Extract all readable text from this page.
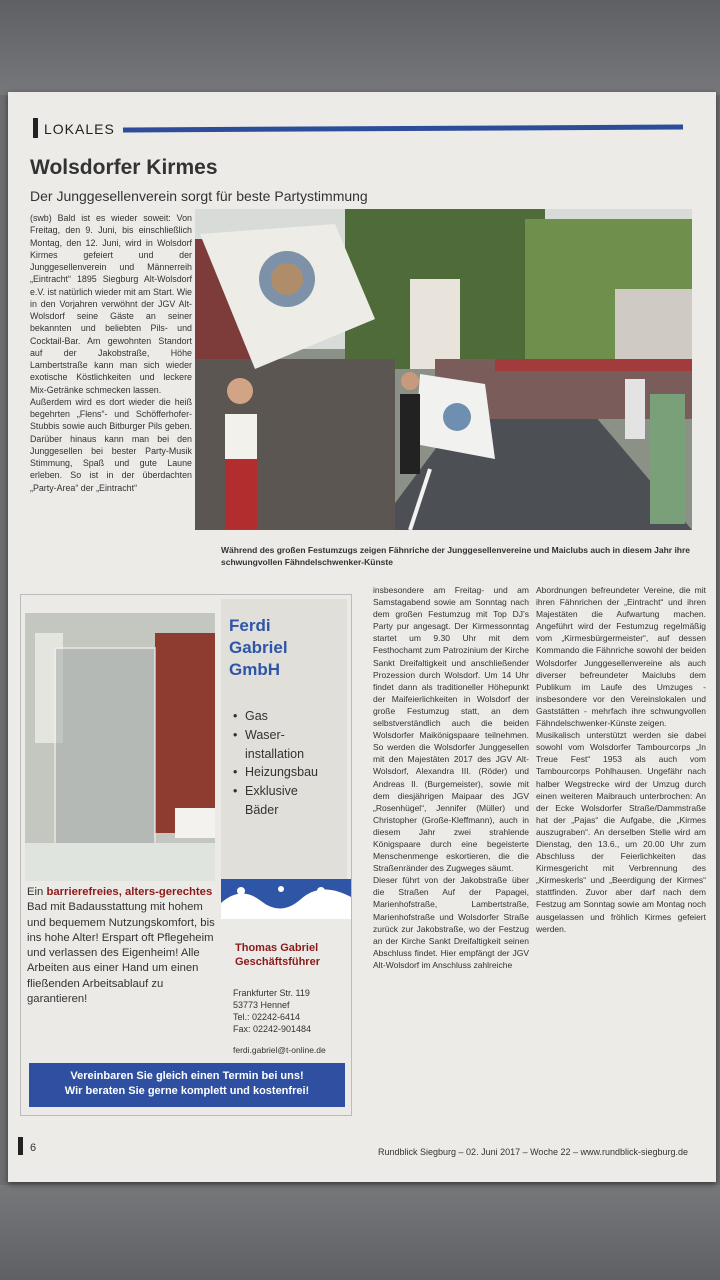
LOKALES
Wolsdorfer Kirmes
Der Junggesellenverein sorgt für beste Partystimmung

(swb) Bald ist es wieder soweit: Von Freitag, den 9. Juni, bis einschließlich Montag, den 12. Juni, wird in Wolsdorf Kirmes gefeiert und der Junggesellenverein und Männerreih „Eintracht“ 1895 Siegburg Alt-Wolsdorf e.V. ist natürlich wieder mit am Start. Wie in den Vorjahren verwöhnt der JGV Alt-Wolsdorf seine Gäste an seiner bekannten und beliebten Pils- und Cocktail-Bar. Am gewohnten Standort auf der Jakobstraße, Höhe Lambertstraße kann man sich wieder exotische Köstlichkeiten und leckere Mix-Getränke schmecken lassen.

Außerdem wird es dort wieder die heiß begehrten „Flens“- und Schöfferhofer-Stubbis sowie auch Bitburger Pils geben. Darüber hinaus kann man bei den Junggesellen bei bester Party-Musik Stimmung, Spaß und gute Laune erleben. So ist in der überdachten „Party-Area“ der „Eintracht“

Während des großen Festumzugs zeigen Fähnriche der Junggesellenvereine und Maiclubs auch in diesem Jahr ihre schwungvollen Fähndelschwenker-Künste

insbesondere am Freitag- und am Samstagabend sowie am Sonntag nach dem großen Festumzug mit Top DJ’s Party pur angesagt. Der Kirmessonntag startet um 9.30 Uhr mit dem Festhochamt zum Patrozinium der Kirche Sankt Dreifaltigkeit und anschließender Prozession durch Wolsdorf. Um 14 Uhr findet dann als traditioneller Höhepunkt der Maifeierlichkeiten in Wolsdorf der große Festumzug statt, an dem selbstverständlich auch die beiden Wolsdorfer Maikönigspaare teilnehmen. So werden die Wolsdorfer Junggesellen mit den Majestäten 2017 des JGV Alt-Wolsdorf, Alexandra III. (Röder) und Andreas II. (Burgemeister), sowie mit dem diesjährigen Maipaar des JGV „Rosenhügel“, Jennifer (Müller) und Christopher (Große-Kleffmann), auch in diesem Jahr zwei strahlende Königspaare durch eine begeisterte Menschenmenge eskortieren, die die Straßenränder des Zugweges säumt.

Dieser führt von der Jakobstraße über die Straßen Auf der Papagei, Marienhofstraße, Lambertstraße, Marienhofstraße und Wolsdorfer Straße zurück zur Jakobstraße, wo der Festzug an der Kirche Sankt Dreifaltigkeit seinen Abschluss findet. Hier empfängt der JGV Alt-Wolsdorf im Anschluss zahlreiche

Abordnungen befreundeter Vereine, die mit ihren Fähnrichen der „Eintracht“ und ihren Majestäten die Aufwartung machen. Angeführt wird der Festumzug regelmäßig vom „Kirmesbürgermeister“, auf dessen Kommando die Fähnriche sowohl der beiden Wolsdorfer Junggesellenvereine als auch diverser befreundeter Maiclubs dem Publikum im Laufe des Umzuges - insbesondere vor den Vereinslokalen und Gaststätten - mehrfach ihre schwungvollen Fähndelschwenker-Künste zeigen.

Musikalisch unterstützt werden sie dabei sowohl vom Wolsdorfer Tambourcorps „In Treue Fest“ 1953 als auch vom Tambourcorps Pohlhausen. Ungefähr nach halber Wegstrecke wird der Umzug durch einen weiteren Maibrauch unterbrochen: An der Ecke Wolsdorfer Straße/Dammstraße hat der „Pajas“ die Aufgabe, die „Kirmes auszugraben“. An derselben Stelle wird am Dienstag, den 13.6., um 20.00 Uhr zum Abschluss der Feierlichkeiten das Kirmesgericht mit Verbrennung des „Kirmeskerls“ und „Beerdigung der Kirmes“ stattfinden. Zuvor aber darf nach dem Festzug am Sonntag sowie am Montag noch ausgelassen und fröhlich Kirmes gefeiert werden.

Ferdi
Gabriel
GmbH
• Gas
• Waser-
installation
• Heizungsbau
• Exklusive
Bäder
Ein barrierefreies, alters-gerechtes Bad mit Badausstattung mit hohem und bequemem Nutzungskomfort, bis ins hohe Alter! Erspart oft Pflegeheim und verlassen des Eigenheim! Alle Arbeiten aus einer Hand um einen fließenden Arbeitsablauf zu garantieren!
Thomas Gabriel
Geschäftsführer
Frankfurter Str. 119
53773 Hennef
Tel.: 02242-6414
Fax: 02242-901484
ferdi.gabriel@t-online.de
Vereinbaren Sie gleich einen Termin bei uns!
Wir beraten Sie gerne komplett und kostenfrei!
6	Rundblick Siegburg – 02. Juni 2017 – Woche 22 – www.rundblick-siegburg.de
